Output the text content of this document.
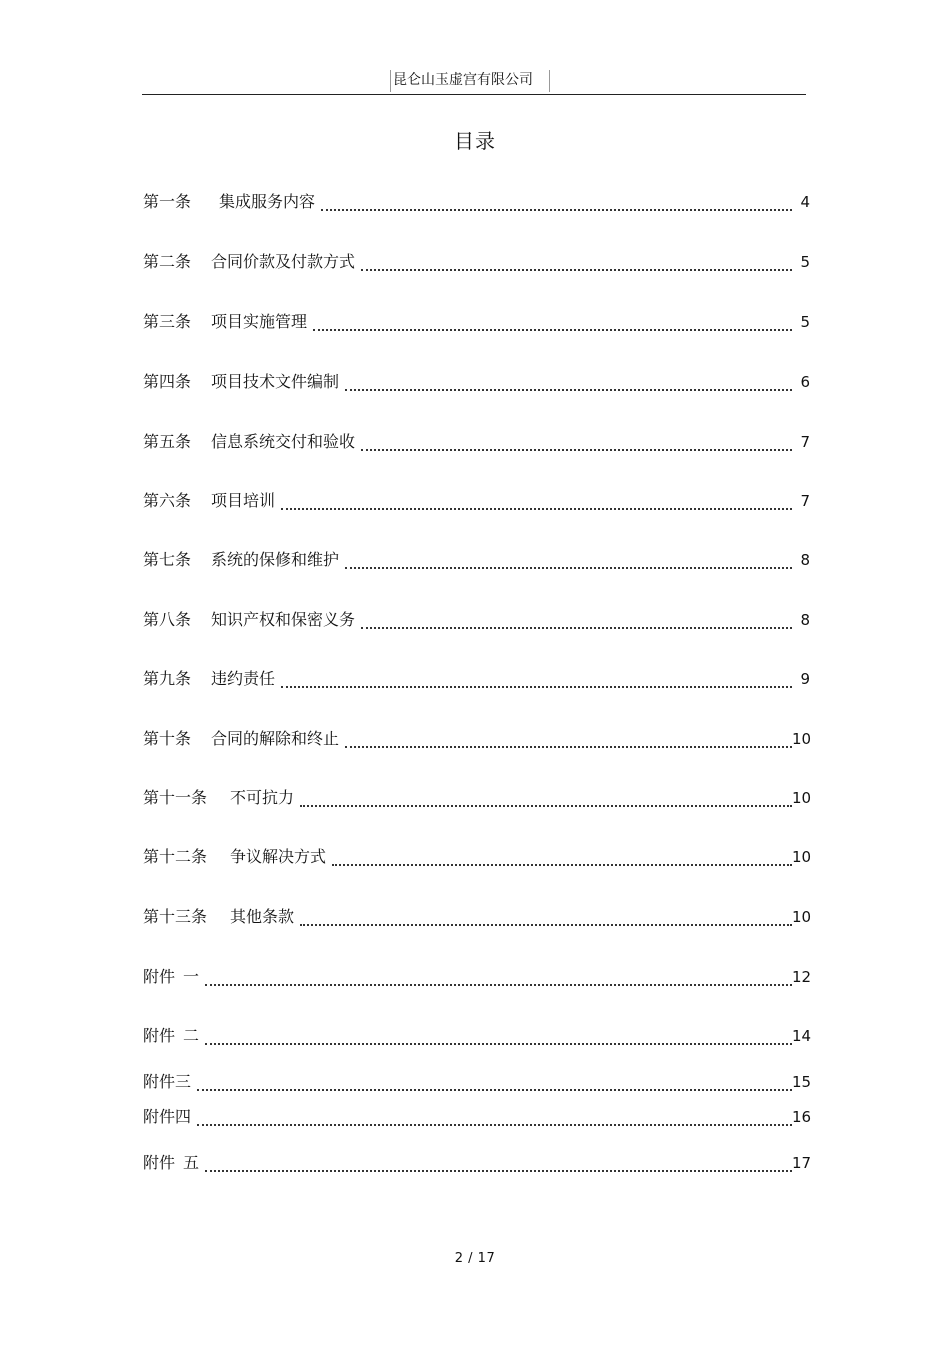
昆仑山玉虚宫有限公司
目录
第一条 集成服务内容	4
第二条 合同价款及付款方式	5
第三条 项目实施管理	5
第四条 项目技术文件编制	6
第五条 信息系统交付和验收	7
第六条 项目培训	7
第七条 系统的保修和维护	8
第八条 知识产权和保密义务	8
第九条 违约责任	9
第十条 合同的解除和终止	10
第十一条 不可抗力	10
第十二条 争议解决方式	10
第十三条 其他条款	10
附件 一	12
附件 二	14
附件三	15
附件四	16
附件 五	17
2 / 17
